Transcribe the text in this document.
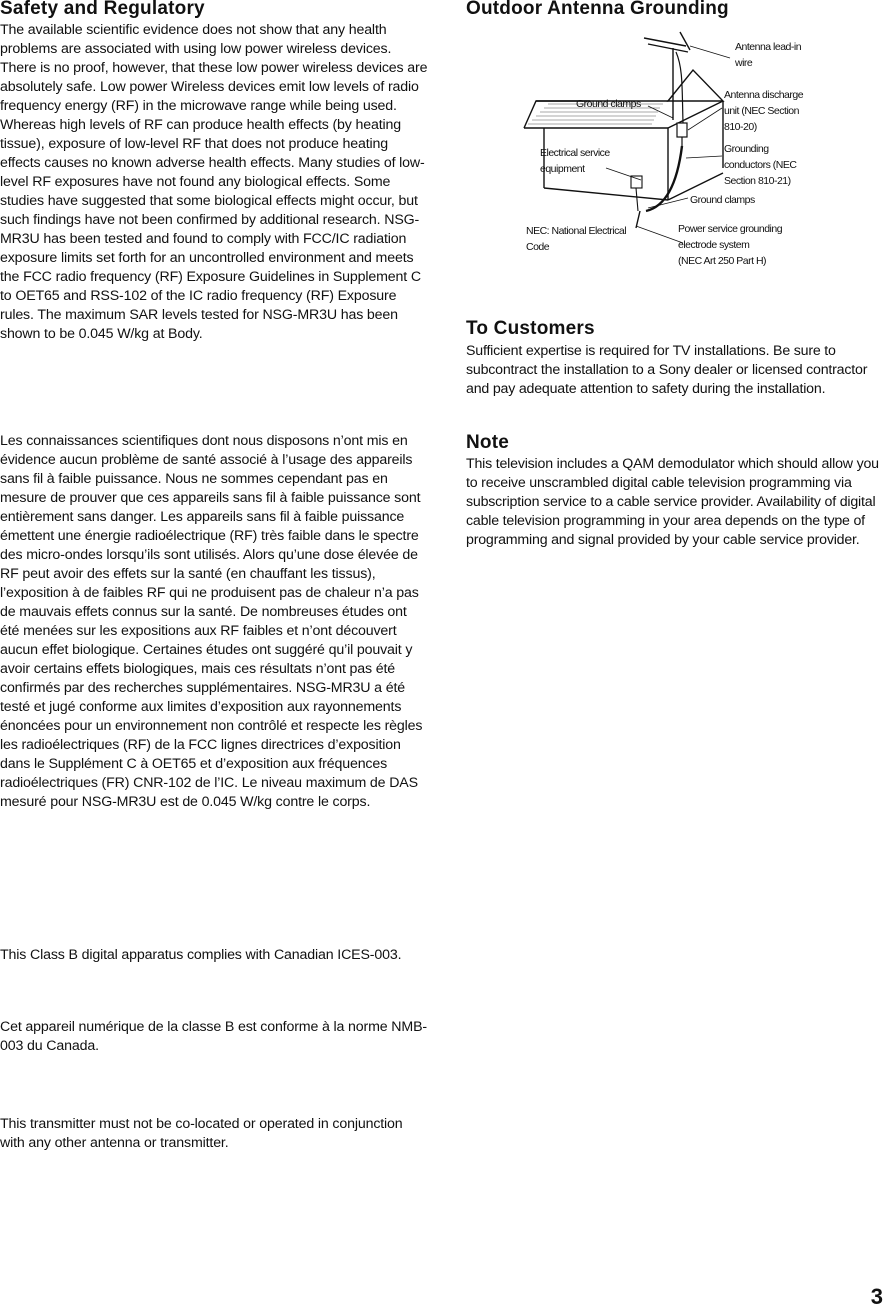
Safety and Regulatory

The available scientific evidence does not show that any health problems are associated with using low power wireless devices. There is no proof, however, that these low power wireless devices are absolutely safe. Low power Wireless devices emit low levels of radio frequency energy (RF) in the microwave range while being used. Whereas high levels of RF can produce health effects (by heating tissue), exposure of low-level RF that does not produce heating effects causes no known adverse health effects. Many studies of low-level RF exposures have not found any biological effects. Some studies have suggested that some biological effects might occur, but such findings have not been confirmed by additional research. NSG-MR3U has been tested and found to comply with FCC/IC radiation exposure limits set forth for an uncontrolled environment and meets the FCC radio frequency (RF) Exposure Guidelines in Supplement C to OET65 and RSS-102 of the IC radio frequency (RF) Exposure rules. The maximum SAR levels tested for NSG-MR3U has been shown to be 0.045 W/kg at Body.

Les connaissances scientifiques dont nous disposons n’ont mis en évidence aucun problème de santé associé à l’usage des appareils sans fil à faible puissance. Nous ne sommes cependant pas en mesure de prouver que ces appareils sans fil à faible puissance sont entièrement sans danger. Les appareils sans fil à faible puissance émettent une énergie radioélectrique (RF) très faible dans le spectre des micro-ondes lorsqu’ils sont utilisés. Alors qu’une dose élevée de RF peut avoir des effets sur la santé (en chauffant les tissus), l’exposition à de faibles RF qui ne produisent pas de chaleur n’a pas de mauvais effets connus sur la santé. De nombreuses études ont été menées sur les expositions aux RF faibles et n’ont découvert aucun effet biologique. Certaines études ont suggéré qu’il pouvait y avoir certains effets biologiques, mais ces résultats n’ont pas été confirmés par des recherches supplémentaires. NSG-MR3U a été testé et jugé conforme aux limites d’exposition aux rayonnements énoncées pour un environnement non contrôlé et respecte les règles les radioélectriques (RF) de la FCC lignes directrices d’exposition dans le Supplément C à OET65 et d’exposition aux fréquences radioélectriques (FR) CNR-102 de l’IC. Le niveau maximum de DAS mesuré pour NSG-MR3U est de 0.045 W/kg contre le corps.

This Class B digital apparatus complies with Canadian ICES-003.

Cet appareil numérique de la classe B est conforme à la norme NMB-003 du Canada.

This transmitter must not be co-located or operated in conjunction with any other antenna or transmitter.

Outdoor Antenna Grounding
Antenna lead-in wire
Ground clamps
Antenna discharge unit (NEC Section 810-20)
Electrical service equipment
Grounding conductors (NEC Section 810-21)
Ground clamps
NEC: National Electrical Code
Power service grounding electrode system (NEC Art 250 Part H)
To Customers

Sufficient expertise is required for TV installations. Be sure to subcontract the installation to a Sony dealer or licensed contractor and pay adequate attention to safety during the installation.

Note

This television includes a QAM demodulator which should allow you to receive unscrambled digital cable television programming via subscription service to a cable service provider. Availability of digital cable television programming in your area depends on the type of programming and signal provided by your cable service provider.

3
